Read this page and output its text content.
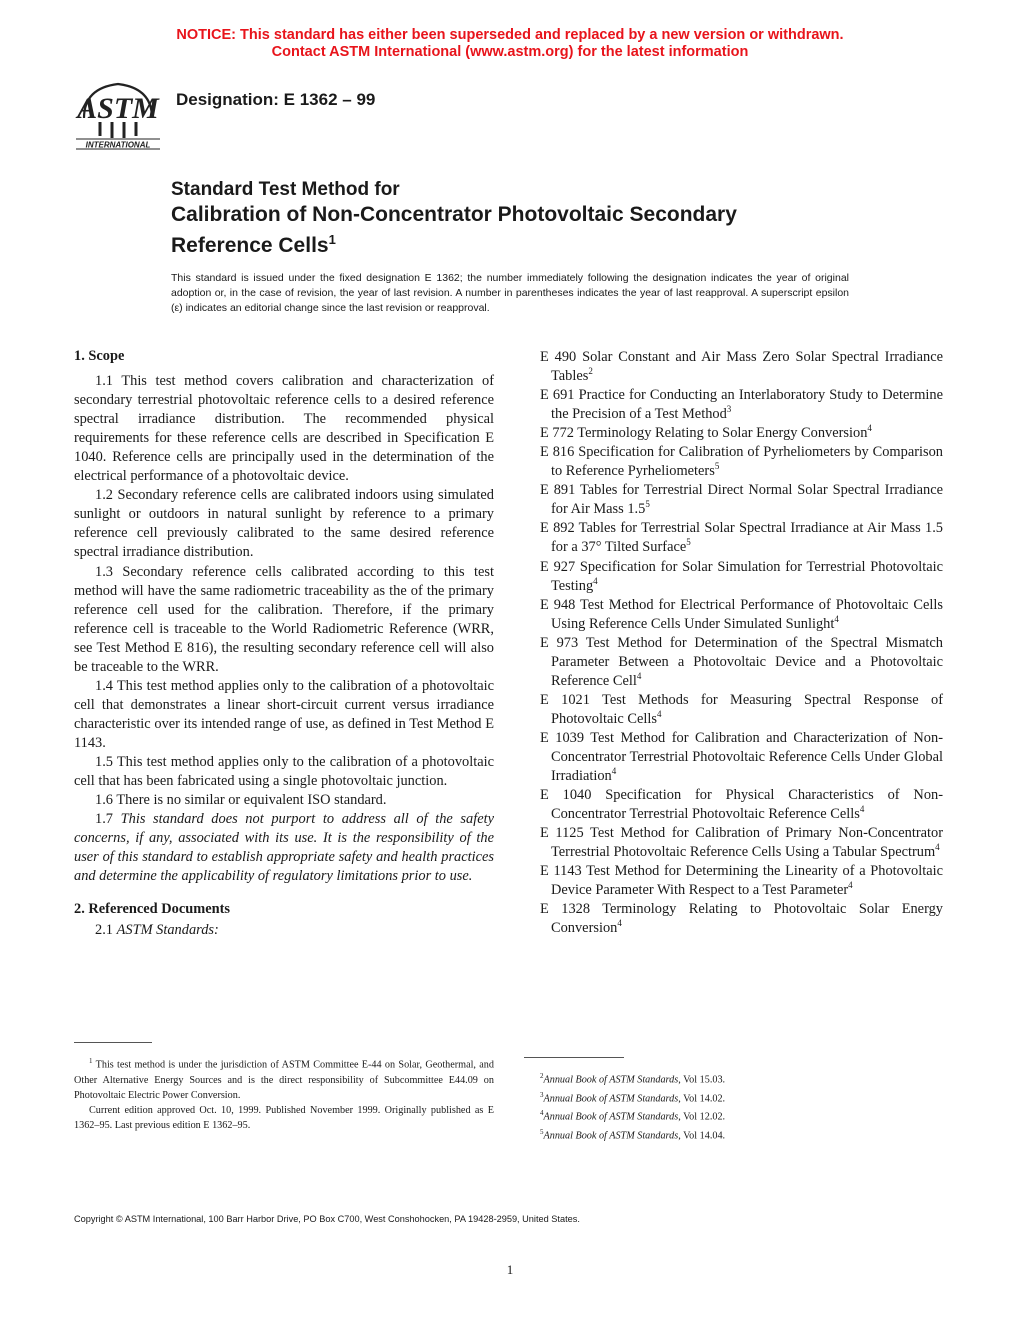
NOTICE: This standard has either been superseded and replaced by a new version or withdrawn.
Contact ASTM International (www.astm.org) for the latest information
ASTM
INTERNATIONAL
Designation: E 1362 – 99
Standard Test Method for
Calibration of Non-Concentrator Photovoltaic Secondary
Reference Cells$^1$
This standard is issued under the fixed designation E 1362; the number immediately following the designation indicates the year of original adoption or, in the case of revision, the year of last revision. A number in parentheses indicates the year of last reapproval. A superscript epsilon (ε) indicates an editorial change since the last revision or reapproval.

1. Scope

1.1 This test method covers calibration and characterization of secondary terrestrial photovoltaic reference cells to a desired reference spectral irradiance distribution. The recommended physical requirements for these reference cells are described in Specification E 1040. Reference cells are principally used in the determination of the electrical performance of a photovoltaic device.

1.2 Secondary reference cells are calibrated indoors using simulated sunlight or outdoors in natural sunlight by reference to a primary reference cell previously calibrated to the same desired reference spectral irradiance distribution.

1.3 Secondary reference cells calibrated according to this test method will have the same radiometric traceability as the of the primary reference cell used for the calibration. Therefore, if the primary reference cell is traceable to the World Radiometric Reference (WRR, see Test Method E 816), the resulting secondary reference cell will also be traceable to the WRR.

1.4 This test method applies only to the calibration of a photovoltaic cell that demonstrates a linear short-circuit current versus irradiance characteristic over its intended range of use, as defined in Test Method E 1143.

1.5 This test method applies only to the calibration of a photovoltaic cell that has been fabricated using a single photovoltaic junction.

1.6 There is no similar or equivalent ISO standard.

1.7 This standard does not purport to address all of the safety concerns, if any, associated with its use. It is the responsibility of the user of this standard to establish appropriate safety and health practices and determine the applicability of regulatory limitations prior to use.

2. Referenced Documents

2.1 ASTM Standards:

E 490 Solar Constant and Air Mass Zero Solar Spectral Irradiance Tables$^2$

E 691 Practice for Conducting an Interlaboratory Study to Determine the Precision of a Test Method$^3$

E 772 Terminology Relating to Solar Energy Conversion$^4$

E 816 Specification for Calibration of Pyrheliometers by Comparison to Reference Pyrheliometers$^5$

E 891 Tables for Terrestrial Direct Normal Solar Spectral Irradiance for Air Mass $1.5^5$

E 892 Tables for Terrestrial Solar Spectral Irradiance at Air Mass 1.5 for a 37° Tilted Surface$^5$

E 927 Specification for Solar Simulation for Terrestrial Photovoltaic Testing$^4$

E 948 Test Method for Electrical Performance of Photovoltaic Cells Using Reference Cells Under Simulated Sunlight$^4$

E 973 Test Method for Determination of the Spectral Mismatch Parameter Between a Photovoltaic Device and a Photovoltaic Reference Cell$^4$

E 1021 Test Methods for Measuring Spectral Response of Photovoltaic Cells$^4$

E 1039 Test Method for Calibration and Characterization of Non-Concentrator Terrestrial Photovoltaic Reference Cells Under Global Irradiation$^4$

E 1040 Specification for Physical Characteristics of Non-Concentrator Terrestrial Photovoltaic Reference Cells$^4$

E 1125 Test Method for Calibration of Primary Non-Concentrator Terrestrial Photovoltaic Reference Cells Using a Tabular Spectrum$^4$

E 1143 Test Method for Determining the Linearity of a Photovoltaic Device Parameter With Respect to a Test Parameter$^4$

E 1328 Terminology Relating to Photovoltaic Solar Energy Conversion$^4$

$^1$ This test method is under the jurisdiction of ASTM Committee E-44 on Solar, Geothermal, and Other Alternative Energy Sources and is the direct responsibility of Subcommittee E44.09 on Photovoltaic Electric Power Conversion.

Current edition approved Oct. 10, 1999. Published November 1999. Originally published as E 1362–95. Last previous edition E 1362–95.

$^2$Annual Book of ASTM Standards, Vol 15.03.

$^3$Annual Book of ASTM Standards, Vol 14.02.

$^4$Annual Book of ASTM Standards, Vol 12.02.

$^5$Annual Book of ASTM Standards, Vol 14.04.

Copyright © ASTM International, 100 Barr Harbor Drive, PO Box C700, West Conshohocken, PA 19428-2959, United States.
1
